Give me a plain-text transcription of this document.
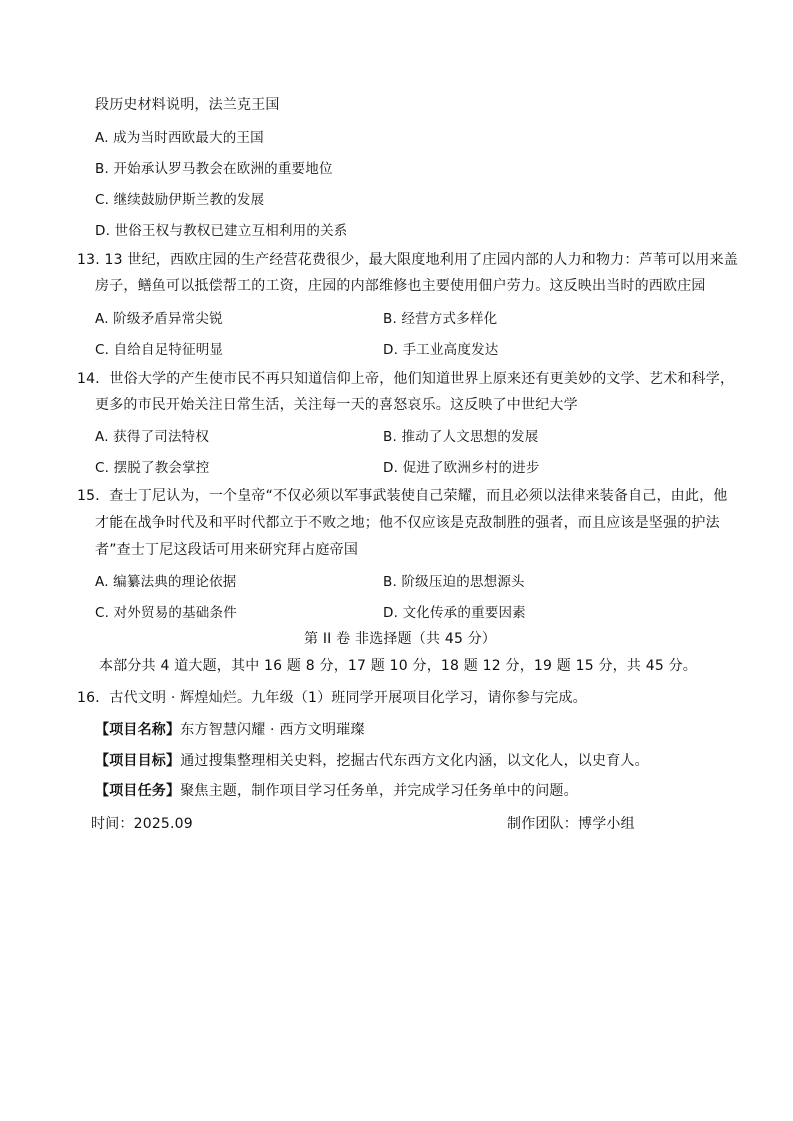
段历史材料说明，法兰克王国
A. 成为当时西欧最大的王国
B. 开始承认罗马教会在欧洲的重要地位
C. 继续鼓励伊斯兰教的发展
D. 世俗王权与教权已建立互相利用的关系
13. 13 世纪，西欧庄园的生产经营花费很少，最大限度地利用了庄园内部的人力和物力：芦苇可以用来盖
房子，鳝鱼可以抵偿帮工的工资，庄园的内部维修也主要使用佃户劳力。这反映出当时的西欧庄园
A. 阶级矛盾异常尖锐	B. 经营方式多样化
C. 自给自足特征明显	D. 手工业高度发达
14．世俗大学的产生使市民不再只知道信仰上帝，他们知道世界上原来还有更美妙的文学、艺术和科学，
更多的市民开始关注日常生活，关注每一天的喜怒哀乐。这反映了中世纪大学
A. 获得了司法特权	B. 推动了人文思想的发展
C. 摆脱了教会掌控	D. 促进了欧洲乡村的进步
15．查士丁尼认为，一个皇帝“不仅必须以军事武装使自己荣耀，而且必须以法律来装备自己，由此，他
才能在战争时代及和平时代都立于不败之地；他不仅应该是克敌制胜的强者，而且应该是坚强的护法
者”查士丁尼这段话可用来研究拜占庭帝国
A. 编纂法典的理论依据	B. 阶级压迫的思想源头
C. 对外贸易的基础条件	D. 文化传承的重要因素
第 II 卷 非选择题（共 45 分）
本部分共 4 道大题，其中 16 题 8 分，17 题 10 分，18 题 12 分，19 题 15 分，共 45 分。
16．古代文明 · 辉煌灿烂。九年级（1）班同学开展项目化学习，请你参与完成。
【项目名称】东方智慧闪耀 · 西方文明璀璨
【项目目标】通过搜集整理相关史料，挖掘古代东西方文化内涵，以文化人，以史育人。
【项目任务】聚焦主题，制作项目学习任务单，并完成学习任务单中的问题。
时间：2025.09	制作团队：博学小组
